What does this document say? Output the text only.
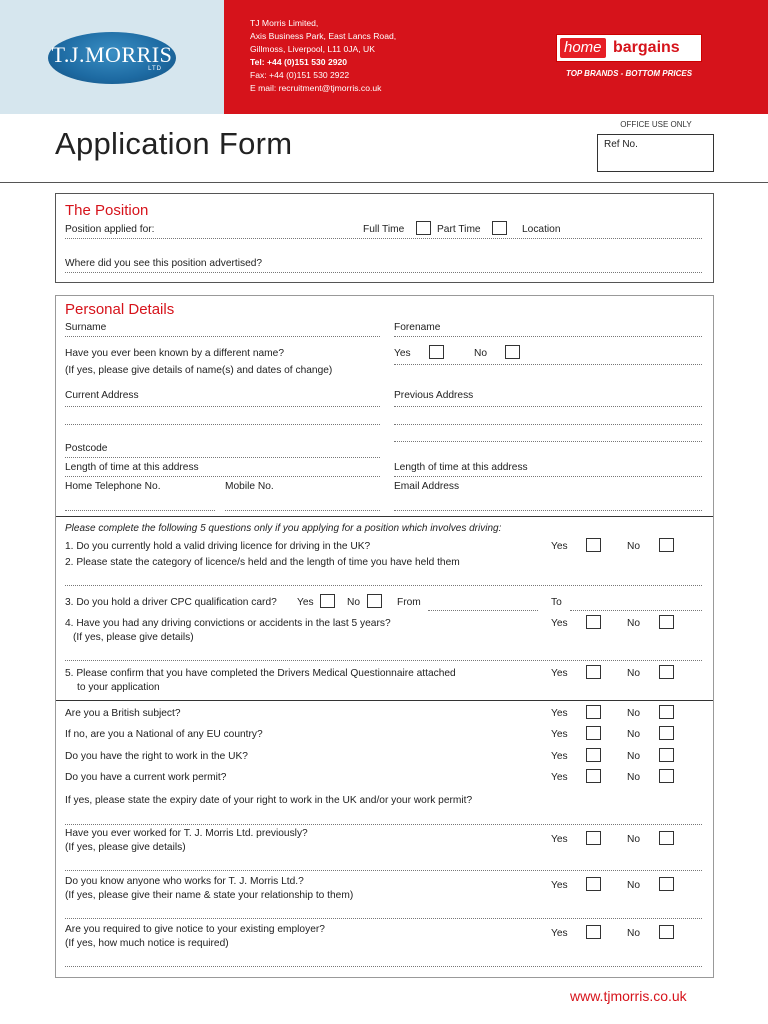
T.J.MORRIS
LTD
TJ Morris Limited,
Axis Business Park, East Lancs Road,
Gillmoss, Liverpool, L11 0JA, UK
Tel: +44 (0)151 530 2920
Fax: +44 (0)151 530 2922
E mail: recruitment@tjmorris.co.uk
home bargains
TOP BRANDS - BOTTOM PRICES
Application Form
OFFICE USE ONLY
Ref No.
The Position
Position applied for:	Full Time	Part Time	Location
Where did you see this position advertised?
Personal Details
Surname	Forename
Have you ever been known by a different name?	Yes	No
(If yes, please give details of name(s) and dates of change)
Current Address	Previous Address
Postcode
Length of time at this address	Length of time at this address
Home Telephone No.	Mobile No.	Email Address
Please complete the following 5 questions only if you applying for a position which involves driving:
1. Do you currently hold a valid driving licence for driving in the UK?	Yes	No
2. Please state the category of licence/s held and the length of time you have held them
3. Do you hold a driver CPC qualification card? Yes	No	From	To
4. Have you had any driving convictions or accidents in the last 5 years?	Yes	No
(If yes, please give details)
5. Please confirm that you have completed the Drivers Medical Questionnaire attached	Yes	No
to your application
Are you a British subject?	Yes	No
If no, are you a National of any EU country?	Yes	No
Do you have the right to work in the UK?	Yes	No
Do you have a current work permit?	Yes	No
If yes, please state the expiry date of your right to work in the UK and/or your work permit?
Have you ever worked for T. J. Morris Ltd. previously?
(If yes, please give details)
Yes	No
Do you know anyone who works for T. J. Morris Ltd.?
(If yes, please give their name & state your relationship to them)
Yes	No
Are you required to give notice to your existing employer?
(If yes, how much notice is required)
Yes	No
www.tjmorris.co.uk
